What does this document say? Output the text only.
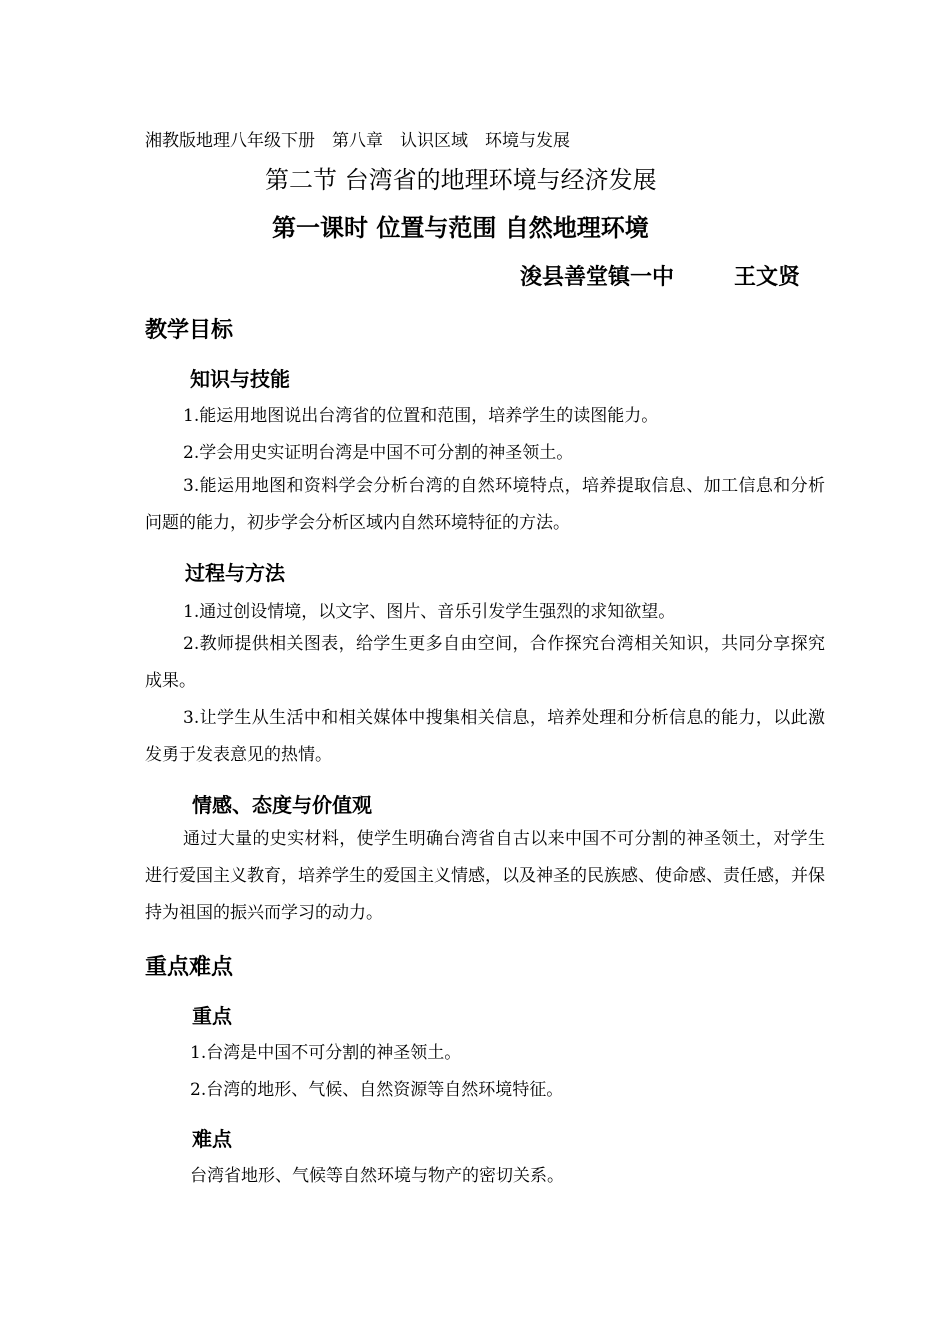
湘教版地理八年级下册　第八章　认识区域　环境与发展
第二节 台湾省的地理环境与经济发展
第一课时 位置与范围 自然地理环境
浚县善堂镇一中	王文贤
教学目标
知识与技能
1.能运用地图说出台湾省的位置和范围，培养学生的读图能力。
2.学会用史实证明台湾是中国不可分割的神圣领土。
3.能运用地图和资料学会分析台湾的自然环境特点，培养提取信息、加工信息和分析问题的能力，初步学会分析区域内自然环境特征的方法。
过程与方法
1.通过创设情境，以文字、图片、音乐引发学生强烈的求知欲望。
2.教师提供相关图表，给学生更多自由空间，合作探究台湾相关知识，共同分享探究成果。
3.让学生从生活中和相关媒体中搜集相关信息，培养处理和分析信息的能力，以此激发勇于发表意见的热情。
情感、态度与价值观
通过大量的史实材料，使学生明确台湾省自古以来中国不可分割的神圣领土，对学生进行爱国主义教育，培养学生的爱国主义情感，以及神圣的民族感、使命感、责任感，并保持为祖国的振兴而学习的动力。
重点难点
重点
1.台湾是中国不可分割的神圣领土。
2.台湾的地形、气候、自然资源等自然环境特征。
难点
台湾省地形、气候等自然环境与物产的密切关系。
